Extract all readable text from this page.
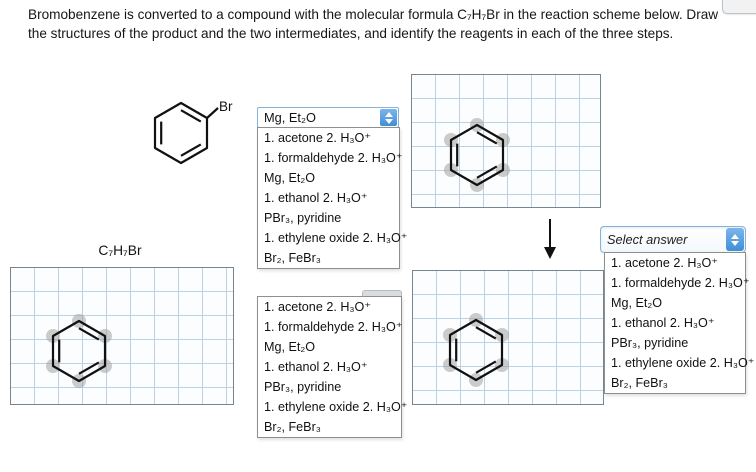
Bromobenzene is converted to a compound with the molecular formula C₇H₇Br in the reaction scheme below. Draw the structures of the product and the two intermediates, and identify the reagents in each of the three steps.
Br
Mg, Et₂O
1. acetone 2. H₃O⁺
1. formaldehyde 2. H₃O⁺
Mg, Et₂O
1. ethanol 2. H₃O⁺
PBr₃, pyridine
1. ethylene oxide 2. H₃O⁺
Br₂, FeBr₃
Select answer
1. acetone 2. H₃O⁺
1. formaldehyde 2. H₃O⁺
Mg, Et₂O
1. ethanol 2. H₃O⁺
PBr₃, pyridine
1. ethylene oxide 2. H₃O⁺
Br₂, FeBr₃
C₇H₇Br
1. acetone 2. H₃O⁺
1. formaldehyde 2. H₃O⁺
Mg, Et₂O
1. ethanol 2. H₃O⁺
PBr₃, pyridine
1. ethylene oxide 2. H₃O⁺
Br₂, FeBr₃
